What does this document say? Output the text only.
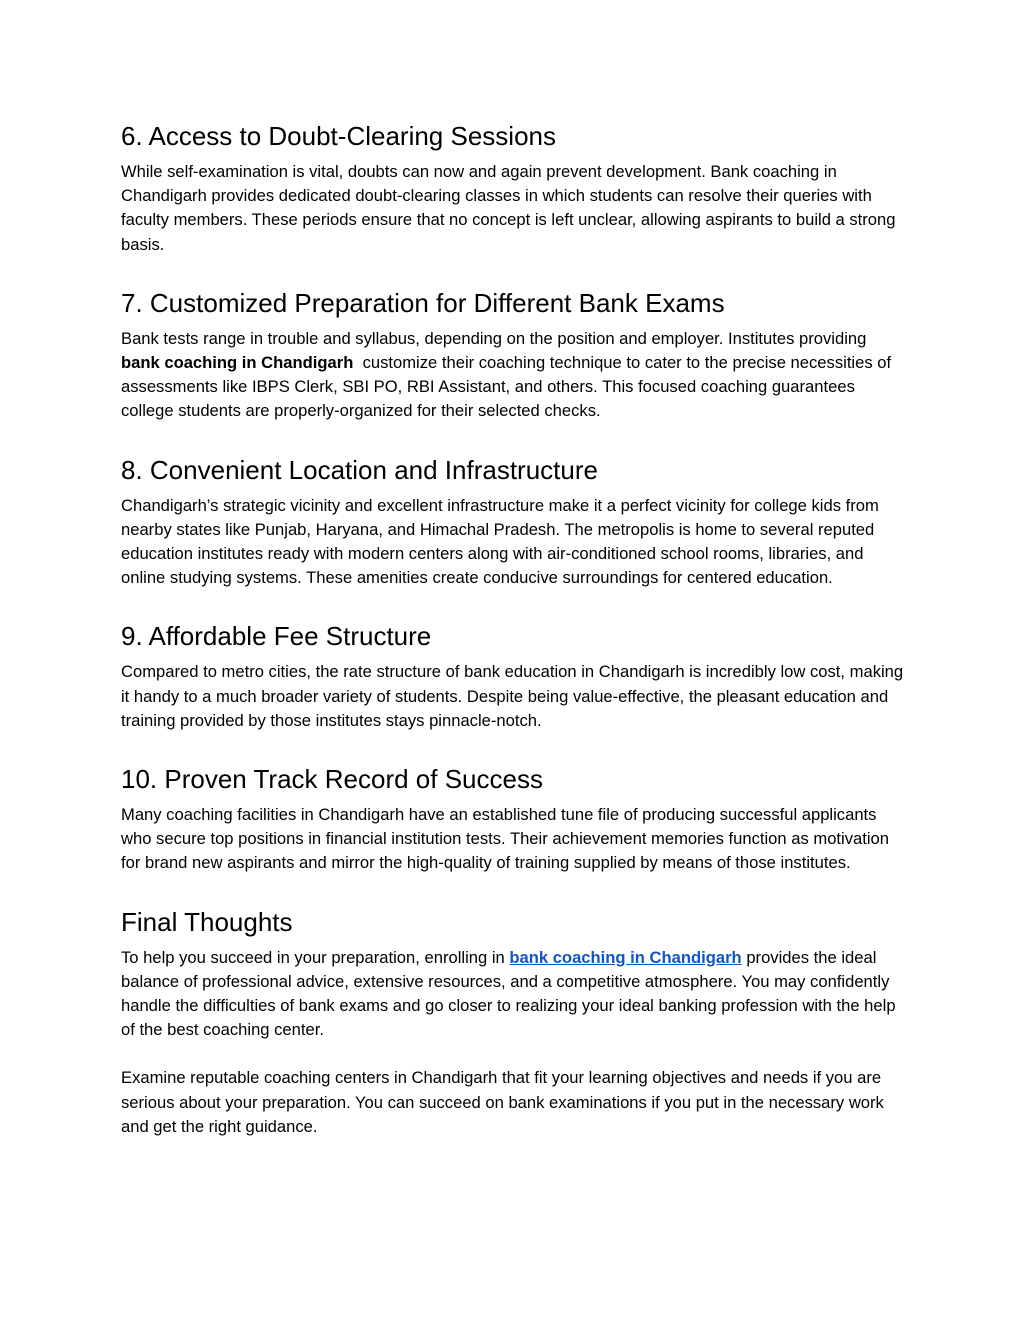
6. Access to Doubt-Clearing Sessions

While self-examination is vital, doubts can now and again prevent development. Bank coaching in Chandigarh provides dedicated doubt-clearing classes in which students can resolve their queries with faculty members. These periods ensure that no concept is left unclear, allowing aspirants to build a strong basis.

7. Customized Preparation for Different Bank Exams

Bank tests range in trouble and syllabus, depending on the position and employer. Institutes providing bank coaching in Chandigarh  customize their coaching technique to cater to the precise necessities of assessments like IBPS Clerk, SBI PO, RBI Assistant, and others. This focused coaching guarantees college students are properly-organized for their selected checks.

8. Convenient Location and Infrastructure

Chandigarh’s strategic vicinity and excellent infrastructure make it a perfect vicinity for college kids from nearby states like Punjab, Haryana, and Himachal Pradesh. The metropolis is home to several reputed education institutes ready with modern centers along with air-conditioned school rooms, libraries, and online studying systems. These amenities create conducive surroundings for centered education.

9. Affordable Fee Structure

Compared to metro cities, the rate structure of bank education in Chandigarh is incredibly low cost, making it handy to a much broader variety of students. Despite being value-effective, the pleasant education and training provided by those institutes stays pinnacle-notch.

10. Proven Track Record of Success

Many coaching facilities in Chandigarh have an established tune file of producing successful applicants who secure top positions in financial institution tests. Their achievement memories function as motivation for brand new aspirants and mirror the high-quality of training supplied by means of those institutes.

Final Thoughts

To help you succeed in your preparation, enrolling in bank coaching in Chandigarh provides the ideal balance of professional advice, extensive resources, and a competitive atmosphere. You may confidently handle the difficulties of bank exams and go closer to realizing your ideal banking profession with the help of the best coaching center.

Examine reputable coaching centers in Chandigarh that fit your learning objectives and needs if you are serious about your preparation. You can succeed on bank examinations if you put in the necessary work and get the right guidance.
